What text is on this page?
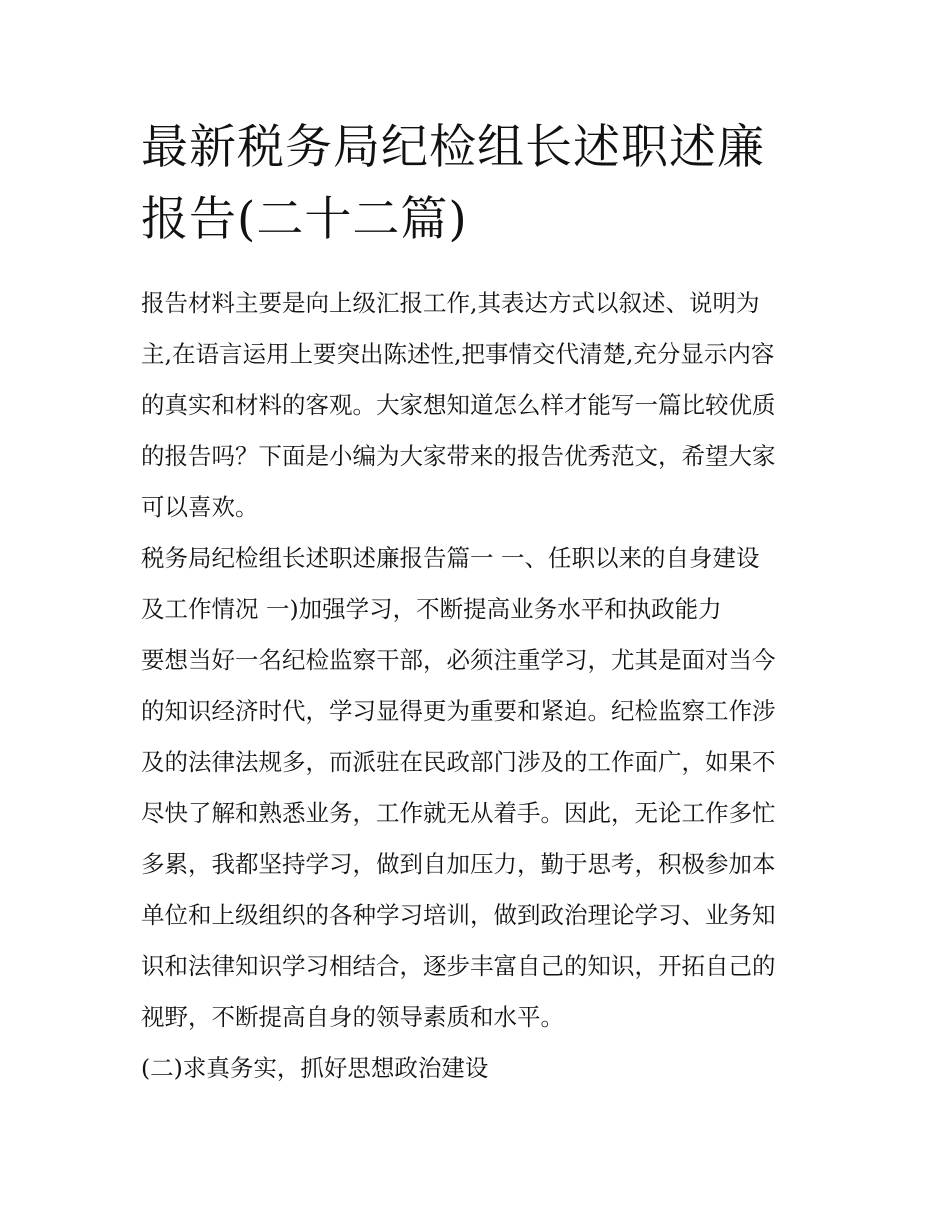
最新税务局纪检组长述职述廉
报告(二十二篇)

报告材料主要是向上级汇报工作,其表达方式以叙述、说明为
主,在语言运用上要突出陈述性,把事情交代清楚,充分显示内容
的真实和材料的客观。大家想知道怎么样才能写一篇比较优质
的报告吗？下面是小编为大家带来的报告优秀范文，希望大家
可以喜欢。

税务局纪检组长述职述廉报告篇一 一、任职以来的自身建设
及工作情况 一)加强学习，不断提高业务水平和执政能力

要想当好一名纪检监察干部，必须注重学习，尤其是面对当今
的知识经济时代，学习显得更为重要和紧迫。纪检监察工作涉
及的法律法规多，而派驻在民政部门涉及的工作面广，如果不
尽快了解和熟悉业务，工作就无从着手。因此，无论工作多忙
多累，我都坚持学习，做到自加压力，勤于思考，积极参加本
单位和上级组织的各种学习培训，做到政治理论学习、业务知
识和法律知识学习相结合，逐步丰富自己的知识，开拓自己的
视野，不断提高自身的领导素质和水平。

(二)求真务实，抓好思想政治建设
